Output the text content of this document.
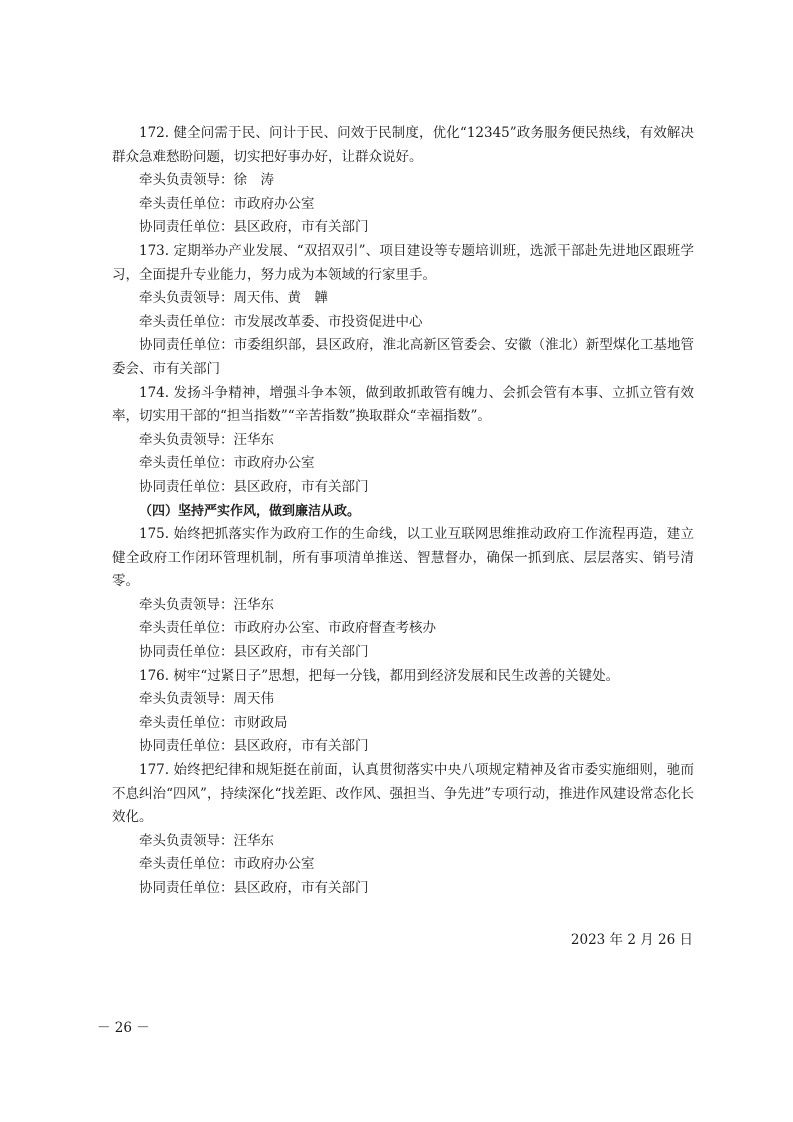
172. 健全问需于民、问计于民、问效于民制度，优化“12345”政务服务便民热线，有效解决群众急难愁盼问题，切实把好事办好，让群众说好。

牵头负责领导：徐　涛

牵头责任单位：市政府办公室

协同责任单位：县区政府，市有关部门

173. 定期举办产业发展、“双招双引”、项目建设等专题培训班，选派干部赴先进地区跟班学习，全面提升专业能力，努力成为本领域的行家里手。

牵头负责领导：周天伟、黄　韡

牵头责任单位：市发展改革委、市投资促进中心

协同责任单位：市委组织部，县区政府，淮北高新区管委会、安徽（淮北）新型煤化工基地管委会、市有关部门

174. 发扬斗争精神，增强斗争本领，做到敢抓敢管有魄力、会抓会管有本事、立抓立管有效率，切实用干部的“担当指数”“辛苦指数”换取群众“幸福指数”。

牵头负责领导：汪华东

牵头责任单位：市政府办公室

协同责任单位：县区政府，市有关部门

（四）坚持严实作风，做到廉洁从政。

175. 始终把抓落实作为政府工作的生命线，以工业互联网思维推动政府工作流程再造，建立健全政府工作闭环管理机制，所有事项清单推送、智慧督办，确保一抓到底、层层落实、销号清零。

牵头负责领导：汪华东

牵头责任单位：市政府办公室、市政府督查考核办

协同责任单位：县区政府，市有关部门

176. 树牢“过紧日子”思想，把每一分钱，都用到经济发展和民生改善的关键处。

牵头负责领导：周天伟

牵头责任单位：市财政局

协同责任单位：县区政府，市有关部门

177. 始终把纪律和规矩挺在前面，认真贯彻落实中央八项规定精神及省市委实施细则，驰而不息纠治“四风”，持续深化“找差距、改作风、强担当、争先进”专项行动，推进作风建设常态化长效化。

牵头负责领导：汪华东

牵头责任单位：市政府办公室

协同责任单位：县区政府，市有关部门

2023 年 2 月 26 日
－ 26 －
